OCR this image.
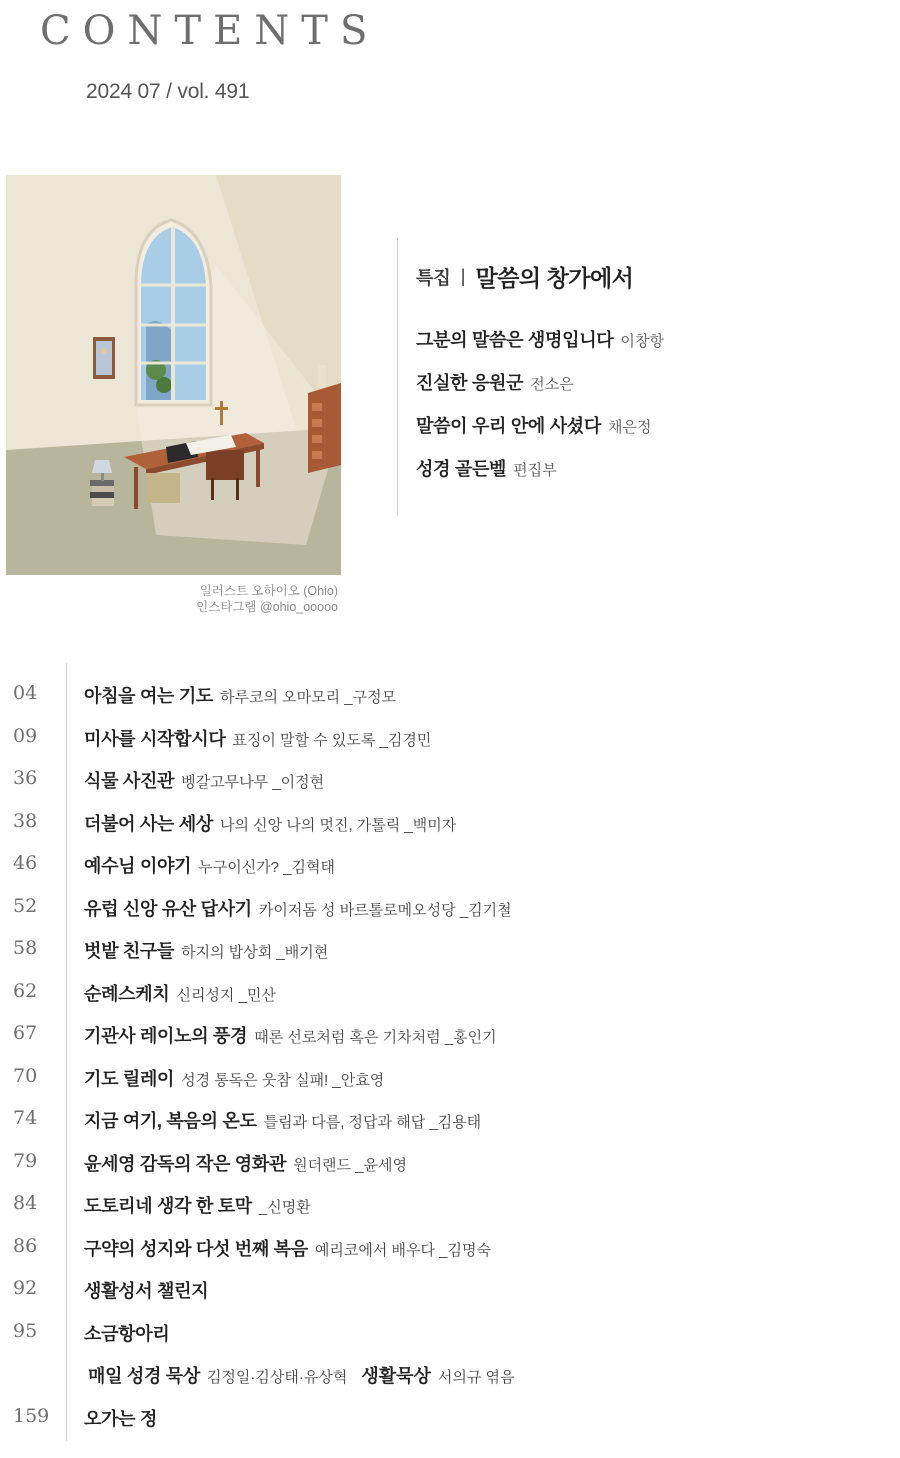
CONTENTS
2024 07 / vol. 491
일러스트 오하이오 (Ohio)
인스타그램 @ohio_ooooo
특집 | 말씀의 창가에서
그분의 말씀은 생명입니다 이창항
진실한 응원군 전소은
말씀이 우리 안에 사셨다 채은정
성경 골든벨 편집부
04	아침을 여는 기도 하루코의 오마모리 _구정모
09	미사를 시작합시다 표징이 말할 수 있도록 _김경민
36	식물 사진관 벵갈고무나무 _이정현
38	더불어 사는 세상 나의 신앙 나의 멋진, 가톨릭 _백미자
46	예수님 이야기 누구이신가? _김혁태
52	유럽 신앙 유산 답사기 카이저돔 성 바르톨로메오성당 _김기철
58	벗밭 친구들 하지의 밥상회 _배기현
62	순례스케치 신리성지 _민산
67	기관사 레이노의 풍경 때론 선로처럼 혹은 기차처럼 _홍인기
70	기도 릴레이 성경 통독은 웃참 실패! _안효영
74	지금 여기, 복음의 온도 틀림과 다름, 정답과 해답 _김용태
79	윤세영 감독의 작은 영화관 원더랜드 _윤세영
84	도토리네 생각 한 토막 _신명환
86	구약의 성지와 다섯 번째 복음 예리코에서 배우다 _김명숙
92	생활성서 챌린지
95	소금항아리
매일 성경 묵상 김정일·김상태·유상혁 생활묵상 서의규 엮음
159	오가는 정
